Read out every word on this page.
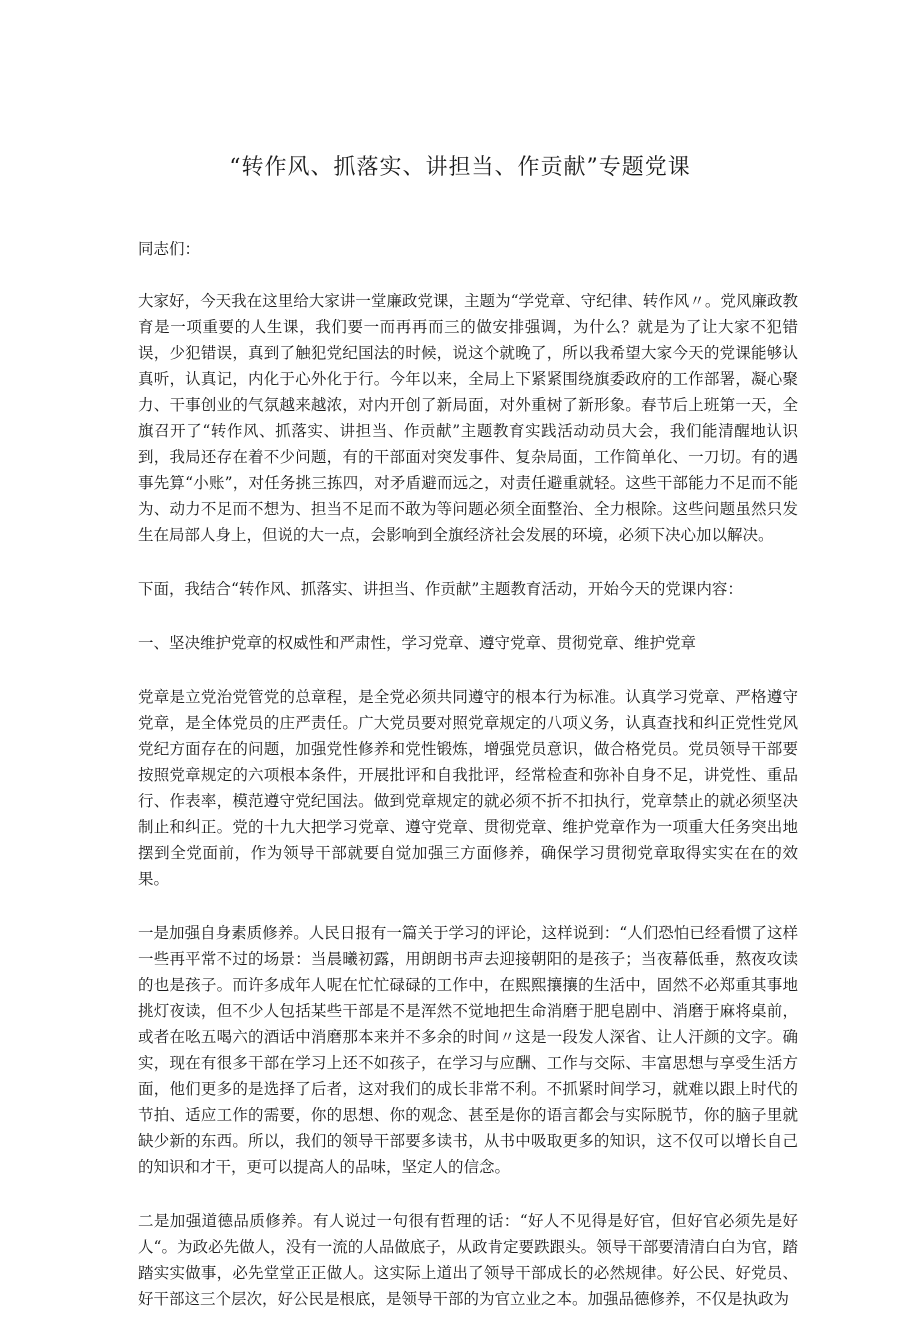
“转作风、抓落实、讲担当、作贡献”专题党课

同志们：

大家好，今天我在这里给大家讲一堂廉政党课，主题为“学党章、守纪律、转作风〃。党风廉政教育是一项重要的人生课，我们要一而再再而三的做安排强调，为什么？就是为了让大家不犯错误，少犯错误，真到了触犯党纪国法的时候，说这个就晚了，所以我希望大家今天的党课能够认真听，认真记，内化于心外化于行。今年以来，全局上下紧紧围绕旗委政府的工作部署，凝心聚力、干事创业的气氛越来越浓，对内开创了新局面，对外重树了新形象。春节后上班第一天，全旗召开了“转作风、抓落实、讲担当、作贡献”主题教育实践活动动员大会，我们能清醒地认识到，我局还存在着不少问题，有的干部面对突发事件、复杂局面，工作简单化、一刀切。有的遇事先算“小账”，对任务挑三拣四，对矛盾避而远之，对责任避重就轻。这些干部能力不足而不能为、动力不足而不想为、担当不足而不敢为等问题必须全面整治、全力根除。这些问题虽然只发生在局部人身上，但说的大一点，会影响到全旗经济社会发展的环境，必须下决心加以解决。

下面，我结合“转作风、抓落实、讲担当、作贡献”主题教育活动，开始今天的党课内容：

一、坚决维护党章的权威性和严肃性，学习党章、遵守党章、贯彻党章、维护党章

党章是立党治党管党的总章程，是全党必须共同遵守的根本行为标准。认真学习党章、严格遵守党章，是全体党员的庄严责任。广大党员要对照党章规定的八项义务，认真查找和纠正党性党风党纪方面存在的问题，加强党性修养和党性锻炼，增强党员意识，做合格党员。党员领导干部要按照党章规定的六项根本条件，开展批评和自我批评，经常检查和弥补自身不足，讲党性、重品行、作表率，模范遵守党纪国法。做到党章规定的就必须不折不扣执行，党章禁止的就必须坚决制止和纠正。党的十九大把学习党章、遵守党章、贯彻党章、维护党章作为一项重大任务突出地摆到全党面前，作为领导干部就要自觉加强三方面修养，确保学习贯彻党章取得实实在在的效果。

一是加强自身素质修养。人民日报有一篇关于学习的评论，这样说到：“人们恐怕已经看惯了这样一些再平常不过的场景：当晨曦初露，用朗朗书声去迎接朝阳的是孩子；当夜幕低垂，熬夜攻读的也是孩子。而许多成年人呢在忙忙碌碌的工作中，在熙熙攘攘的生活中，固然不必郑重其事地挑灯夜读，但不少人包括某些干部是不是浑然不觉地把生命消磨于肥皂剧中、消磨于麻将桌前，或者在吆五喝六的酒话中消磨那本来并不多余的时间〃这是一段发人深省、让人汗颜的文字。确实，现在有很多干部在学习上还不如孩子，在学习与应酬、工作与交际、丰富思想与享受生活方面，他们更多的是选择了后者，这对我们的成长非常不利。不抓紧时间学习，就难以跟上时代的节拍、适应工作的需要，你的思想、你的观念、甚至是你的语言都会与实际脱节，你的脑子里就缺少新的东西。所以，我们的领导干部要多读书，从书中吸取更多的知识，这不仅可以增长自己的知识和才干，更可以提高人的品味，坚定人的信念。

二是加强道德品质修养。有人说过一句很有哲理的话：“好人不见得是好官，但好官必须先是好人“。为政必先做人，没有一流的人品做底子，从政肯定要跌跟头。领导干部要清清白白为官，踏踏实实做事，必先堂堂正正做人。这实际上道出了领导干部成长的必然规律。好公民、好党员、好干部这三个层次，好公民是根底，是领导干部的为官立业之本。加强品德修养，不仅是执政为
